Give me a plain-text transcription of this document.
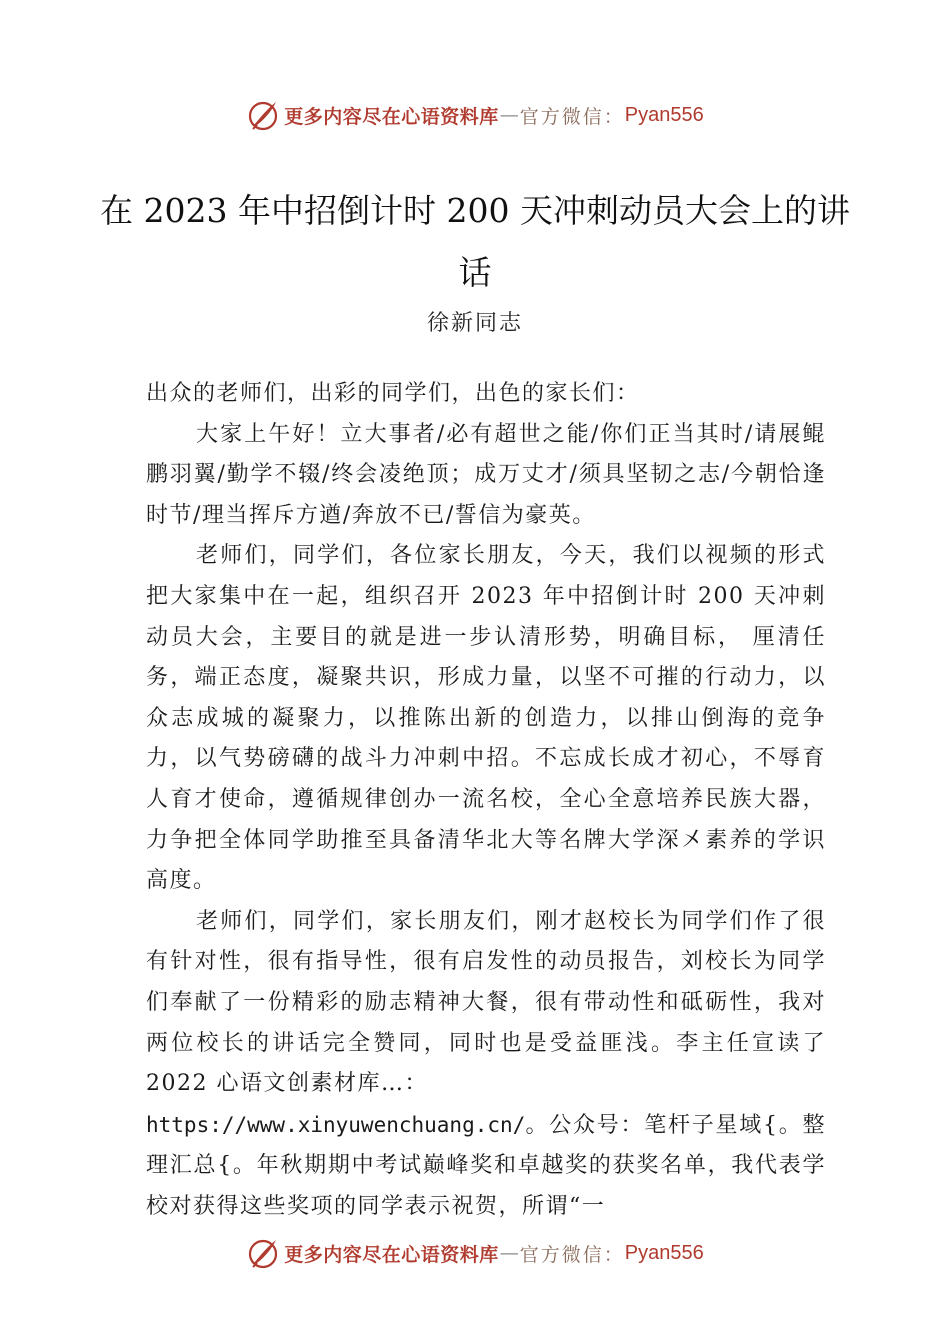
更多内容尽在心语资料库 — 官方微信： Pyan556
在 2023 年中招倒计时 200 天冲刺动员大会上的讲话
徐新同志

出众的老师们，出彩的同学们，出色的家长们：

大家上午好！立大事者/必有超世之能/你们正当其时/请展鲲鹏羽翼/勤学不辍/终会凌绝顶；成万丈才/须具坚韧之志/今朝恰逢时节/理当挥斥方遒/奔放不已/誓信为豪英。

老师们，同学们，各位家长朋友，今天，我们以视频的形式把大家集中在一起，组织召开 2023 年中招倒计时 200 天冲刺动员大会，主要目的就是进一步认清形势，明确目标， 厘清任务，端正态度，凝聚共识，形成力量，以坚不可摧的行动力，以众志成城的凝聚力，以推陈出新的创造力，以排山倒海的竞争力，以气势磅礴的战斗力冲刺中招。不忘成长成才初心，不辱育人育才使命，遵循规律创办一流名校，全心全意培养民族大器，力争把全体同学助推至具备清华北大等名牌大学深㐅素养的学识高度。

老师们，同学们，家长朋友们，刚才赵校长为同学们作了很有针对性，很有指导性，很有启发性的动员报告，刘校长为同学们奉献了一份精彩的励志精神大餐，很有带动性和砥砺性，我对两位校长的讲话完全赞同，同时也是受益匪浅。李主任宣读了 2022 心语文创素材库…：

https://www.xinyuwenchuang.cn/。公众号：笔杆子星域{。整理汇总{。年秋期期中考试巅峰奖和卓越奖的获奖名单，我代表学校对获得这些奖项的同学表示祝贺，所谓“一

更多内容尽在心语资料库 — 官方微信： Pyan556
